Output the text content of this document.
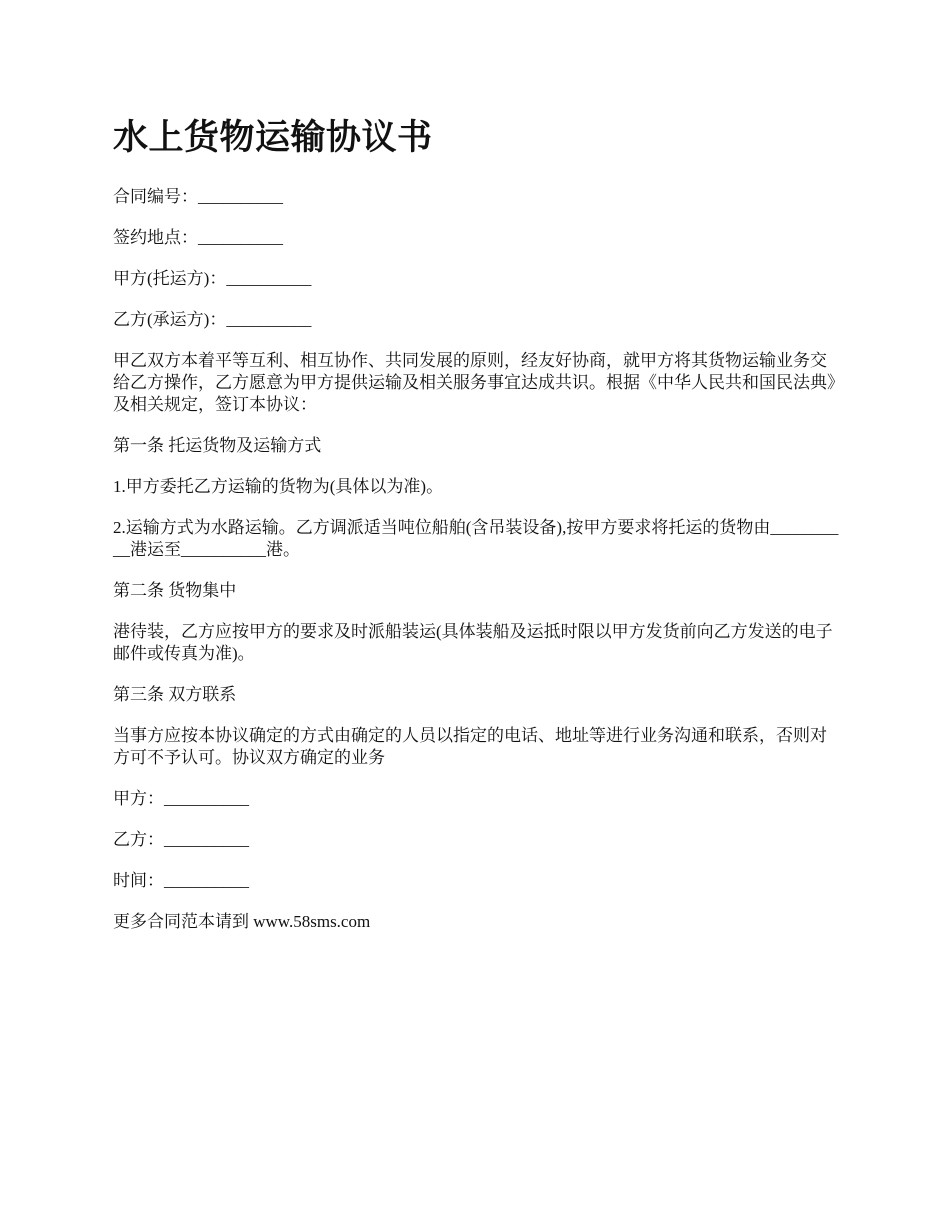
水上货物运输协议书

合同编号：__________

签约地点：__________

甲方(托运方)：__________

乙方(承运方)：__________

甲乙双方本着平等互利、相互协作、共同发展的原则，经友好协商，就甲方将其货物运输业务交给乙方操作，乙方愿意为甲方提供运输及相关服务事宜达成共识。根据《中华人民共和国民法典》及相关规定，签订本协议：

第一条 托运货物及运输方式

1.甲方委托乙方运输的货物为(具体以为准)。

2.运输方式为水路运输。乙方调派适当吨位船舶(含吊装设备),按甲方要求将托运的货物由__________港运至__________港。

第二条 货物集中

港待装，乙方应按甲方的要求及时派船装运(具体装船及运抵时限以甲方发货前向乙方发送的电子邮件或传真为准)。

第三条 双方联系

当事方应按本协议确定的方式由确定的人员以指定的电话、地址等进行业务沟通和联系，否则对方可不予认可。协议双方确定的业务

甲方：__________

乙方：__________

时间：__________

更多合同范本请到 www.58sms.com
